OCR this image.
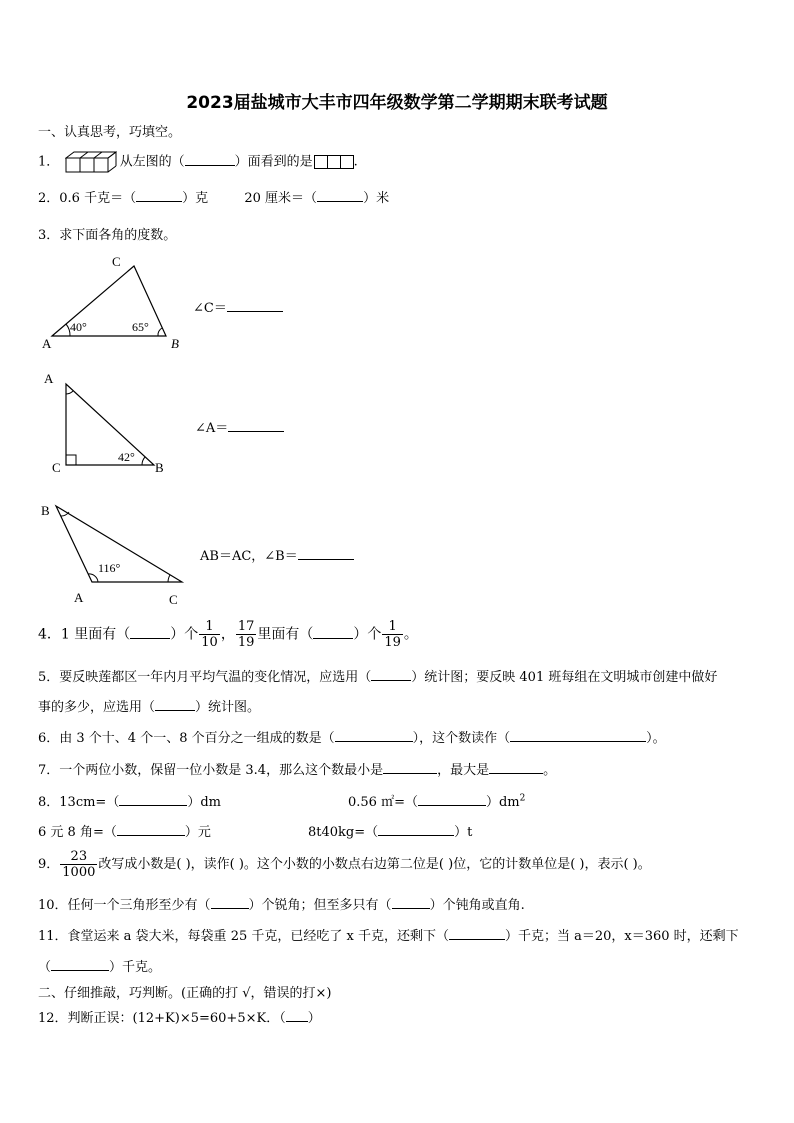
2023届盐城市大丰市四年级数学第二学期期末联考试题
一、认真思考，巧填空。
1．	从左图的（	）面看到的是	.
2．0.6 千克＝（	）克	20 厘米＝（	）米
3．求下面各角的度数。
C
A	B
40°	65°
∠C＝
A
C	B
42°
∠A＝
B
A	C
116°
AB＝AC，∠B＝
4．1 里面有（	）个 $\frac{1}{10}$ ， $\frac{17}{19}$ 里面有（	）个 $\frac{1}{19}$ 。
5．要反映莲都区一年内月平均气温的变化情况，应选用（	）统计图；要反映 401 班每组在文明城市创建中做好
事的多少，应选用（	）统计图。
6．由 3 个十、4 个一、8 个百分之一组成的数是（	），这个数读作（	）。
7．一个两位小数，保留一位小数是 3.4，那么这个数最小是	，最大是	。
8．13cm=（	）dm	0.56 ㎡=（	）$dm^2$
6 元 8 角=（	）元	8t40kg=（	）t
9． $\frac{23}{1000}$ 改写成小数是( )，读作( )。这个小数的小数点右边第二位是( )位，它的计数单位是( )，表示( )。
10．任何一个三角形至少有（	）个锐角；但至多只有（	）个钝角或直角.
11．食堂运来 a 袋大米，每袋重 25 千克，已经吃了 x 千克，还剩下（	）千克；当 a＝20，x＝360 时，还剩下
（	）千克。
二、仔细推敲，巧判断。(正确的打 √，错误的打×)
12．判断正误：(12+K)×5=60+5×K．（ ）
